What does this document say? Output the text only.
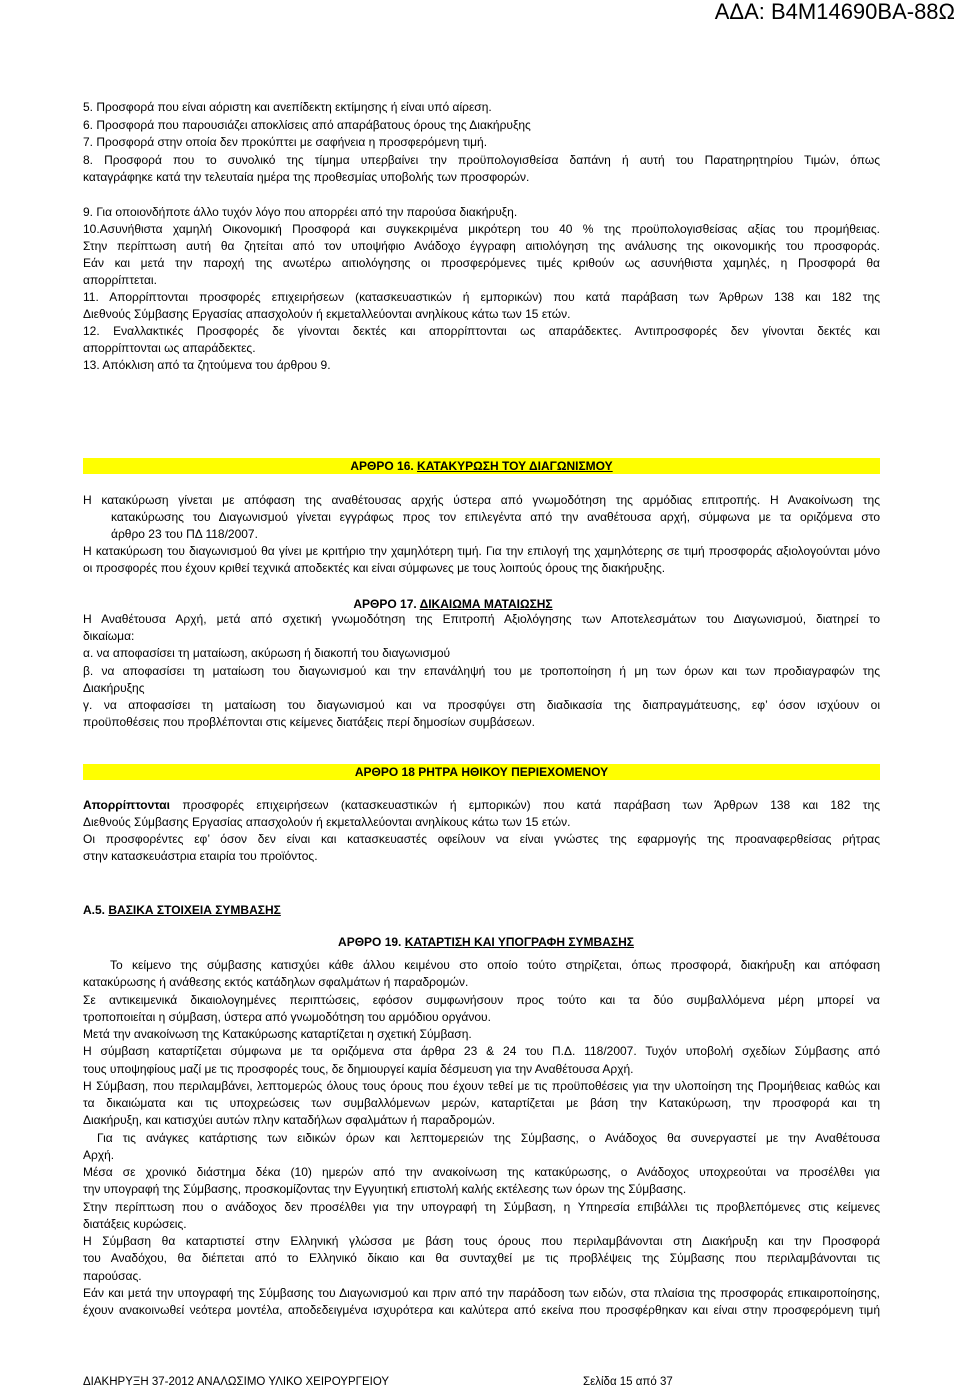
ΑΔΑ: Β4Μ14690ΒΑ-88Ω
5. Προσφορά που είναι αόριστη και ανεπίδεκτη εκτίμησης ή είναι υπό αίρεση.
6. Προσφορά που παρουσιάζει αποκλίσεις από απαράβατους όρους της Διακήρυξης
7. Προσφορά στην οποία δεν προκύπτει με σαφήνεια η προσφερόμενη τιμή.
8. Προσφορά που το συνολικό της τίμημα υπερβαίνει την προϋπολογισθείσα δαπάνη ή αυτή του Παρατηρητηρίου Τιμών, όπως
καταγράφηκε κατά την τελευταία ημέρα της προθεσμίας υποβολής των προσφορών.
9. Για οποιονδήποτε άλλο τυχόν λόγο που απορρέει από την παρούσα διακήρυξη.
10.Ασυνήθιστα χαμηλή Οικονομική Προσφορά και συγκεκριμένα μικρότερη του 40 % της προϋπολογισθείσας αξίας του προμήθειας.
Στην περίπτωση αυτή θα ζητείται από τον υποψήφιο Ανάδοχο έγγραφη αιτιολόγηση της ανάλυσης της οικονομικής του προσφοράς.
Εάν και μετά την παροχή της ανωτέρω αιτιολόγησης οι προσφερόμενες τιμές κριθούν ως ασυνήθιστα χαμηλές, η Προσφορά θα
απορρίπτεται.
11. Απορρίπτονται προσφορές επιχειρήσεων (κατασκευαστικών ή εμπορικών) που κατά παράβαση των Άρθρων 138 και 182 της
Διεθνούς Σύμβασης Εργασίας απασχολούν ή εκμεταλλεύονται ανηλίκους κάτω των 15 ετών.
12. Εναλλακτικές Προσφορές δε γίνονται δεκτές και απορρίπτονται ως απαράδεκτες. Αντιπροσφορές δεν γίνονται δεκτές και
απορρίπτονται ως απαράδεκτες.
13. Απόκλιση από τα ζητούμενα του άρθρου 9.
ΑΡΘΡΟ 16. ΚΑΤΑΚΥΡΩΣΗ ΤΟΥ ΔΙΑΓΩΝΙΣΜΟΥ
Η κατακύρωση γίνεται με απόφαση της αναθέτουσας αρχής ύστερα από γνωμοδότηση της αρμόδιας επιτροπής. Η Ανακοίνωση της
κατακύρωσης του Διαγωνισμού γίνεται εγγράφως προς τον επιλεγέντα από την αναθέτουσα αρχή, σύμφωνα με τα οριζόμενα στο
άρθρο 23 του ΠΔ 118/2007.
Η κατακύρωση του διαγωνισμού θα γίνει με κριτήριο την χαμηλότερη τιμή. Για την επιλογή της χαμηλότερης σε τιμή προσφοράς αξιολογούνται μόνο
οι προσφορές που έχουν κριθεί τεχνικά αποδεκτές και είναι σύμφωνες με τους λοιπούς όρους της διακήρυξης.
ΑΡΘΡΟ 17. ΔΙΚΑΙΩΜΑ ΜΑΤΑΙΩΣΗΣ
Η Αναθέτουσα Αρχή, μετά από σχετική γνωμοδότηση της Επιτροπή Αξιολόγησης των Αποτελεσμάτων του Διαγωνισμού, διατηρεί το
δικαίωμα:
α. να αποφασίσει τη ματαίωση, ακύρωση ή διακοπή του διαγωνισμού
β. να αποφασίσει τη ματαίωση του διαγωνισμού και την επανάληψή του με τροποποίηση ή μη των όρων και των προδιαγραφών της
Διακήρυξης
γ. να αποφασίσει τη ματαίωση του διαγωνισμού και να προσφύγει στη διαδικασία της διαπραγμάτευσης, εφ’ όσον ισχύουν οι
προϋποθέσεις που προβλέπονται στις κείμενες διατάξεις περί δημοσίων συμβάσεων.
ΑΡΘΡΟ 18 ΡΗΤΡΑ ΗΘΙΚΟΥ ΠΕΡΙΕΧΟΜΕΝΟΥ
Απορρίπτονται προσφορές επιχειρήσεων (κατασκευαστικών ή εμπορικών) που κατά παράβαση των Άρθρων 138 και 182 της
Διεθνούς Σύμβασης Εργασίας απασχολούν ή εκμεταλλεύονται ανηλίκους κάτω των 15 ετών.
Οι προσφορέντες εφ’ όσον δεν είναι και κατασκευαστές οφείλουν να είναι γνώστες της εφαρμογής της προαναφερθείσας ρήτρας
στην κατασκευάστρια εταιρία του προϊόντος.
Α.5. ΒΑΣΙΚΑ ΣΤΟΙΧΕΙΑ ΣΥΜΒΑΣΗΣ
ΑΡΘΡΟ 19. ΚΑΤΑΡΤΙΣΗ ΚΑΙ ΥΠΟΓΡΑΦΗ ΣΥΜΒΑΣΗΣ
Το κείμενο της σύμβασης κατισχύει κάθε άλλου κειμένου στο οποίο τούτο στηρίζεται, όπως προσφορά, διακήρυξη και απόφαση
κατακύρωσης ή ανάθεσης εκτός κατάδηλων σφαλμάτων ή παραδρομών.
Σε αντικειμενικά δικαιολογημένες περιπτώσεις, εφόσον συμφωνήσουν προς τούτο και τα δύο συμβαλλόμενα μέρη μπορεί να
τροποποιείται η σύμβαση, ύστερα από γνωμοδότηση του αρμόδιου οργάνου.
Μετά την ανακοίνωση της Κατακύρωσης καταρτίζεται η σχετική Σύμβαση.
Η σύμβαση καταρτίζεται σύμφωνα με τα οριζόμενα στα άρθρα 23 & 24 του Π.Δ. 118/2007. Τυχόν υποβολή σχεδίων Σύμβασης από
τους υποψηφίους μαζί με τις προσφορές τους, δε δημιουργεί καμία δέσμευση για την Αναθέτουσα Αρχή.
Η Σύμβαση, που περιλαμβάνει, λεπτομερώς όλους τους όρους που έχουν τεθεί με τις προϋποθέσεις για την υλοποίηση της Προμήθειας καθώς και
τα δικαιώματα και τις υποχρεώσεις των συμβαλλόμενων μερών, καταρτίζεται με βάση την Κατακύρωση, την προσφορά και τη
Διακήρυξη, και κατισχύει αυτών πλην καταδήλων σφαλμάτων ή παραδρομών.
Για τις ανάγκες κατάρτισης των ειδικών όρων και λεπτομερειών της Σύμβασης, ο Ανάδοχος θα συνεργαστεί με την Αναθέτουσα
Αρχή.
Μέσα σε χρονικό διάστημα δέκα (10) ημερών από την ανακοίνωση της κατακύρωσης, ο Ανάδοχος υποχρεούται να προσέλθει για
την υπογραφή της Σύμβασης, προσκομίζοντας την Εγγυητική επιστολή καλής εκτέλεσης των όρων της Σύμβασης.
Στην περίπτωση που ο ανάδοχος δεν προσέλθει για την υπογραφή τη Σύμβαση, η Υπηρεσία επιβάλλει τις προβλεπόμενες στις κείμενες
διατάξεις κυρώσεις.
Η Σύμβαση θα καταρτιστεί στην Ελληνική γλώσσα με βάση τους όρους που περιλαμβάνονται στη Διακήρυξη και την Προσφορά
του Αναδόχου, θα διέπεται από το Ελληνικό δίκαιο και θα συνταχθεί με τις προβλέψεις της Σύμβασης που περιλαμβάνονται τις
παρούσας.
Εάν και μετά την υπογραφή της Σύμβασης του Διαγωνισμού και πριν από την παράδοση των ειδών, στα πλαίσια της προσφοράς επικαιροποίησης,
έχουν ανακοινωθεί νεότερα μοντέλα, αποδεδειγμένα ισχυρότερα και καλύτερα από εκείνα που προσφέρθηκαν και είναι στην προσφερόμενη τιμή
ΔΙΑΚΗΡΥΞΗ 37-2012 ΑΝΑΛΩΣΙΜΟ ΥΛΙΚΟ ΧΕΙΡΟΥΡΓΕΙΟΥ	Σελίδα 15 από 37
